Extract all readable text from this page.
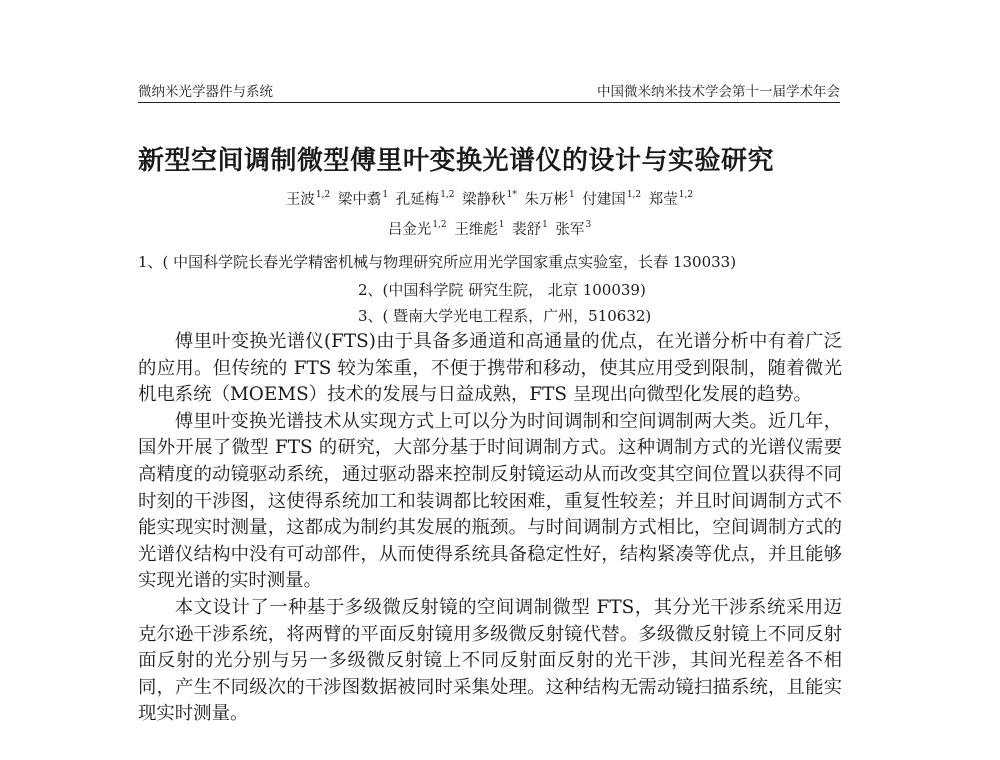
微纳米光学器件与系统	中国微米纳米技术学会第十一届学术年会
新型空间调制微型傅里叶变换光谱仪的设计与实验研究
王波$^{1,2}$ 梁中翥$^1$ 孔延梅$^{1,2}$ 梁静秋$^{1*}$ 朱万彬$^1$ 付建国$^{1,2}$ 郑莹$^{1,2}$
吕金光$^{1,2}$ 王维彪$^1$ 裴舒$^1$ 张军$^3$
1、( 中国科学院长春光学精密机械与物理研究所应用光学国家重点实验室，长春 130033)
2、(中国科学院 研究生院， 北京 100039)
3、( 暨南大学光电工程系，广州，510632)

傅里叶变换光谱仪(FTS)由于具备多通道和高通量的优点，在光谱分析中有着广泛的应用。但传统的 FTS 较为笨重，不便于携带和移动，使其应用受到限制，随着微光机电系统（MOEMS）技术的发展与日益成熟，FTS 呈现出向微型化发展的趋势。

傅里叶变换光谱技术从实现方式上可以分为时间调制和空间调制两大类。近几年，国外开展了微型 FTS 的研究，大部分基于时间调制方式。这种调制方式的光谱仪需要高精度的动镜驱动系统，通过驱动器来控制反射镜运动从而改变其空间位置以获得不同时刻的干涉图，这使得系统加工和装调都比较困难，重复性较差；并且时间调制方式不能实现实时测量，这都成为制约其发展的瓶颈。与时间调制方式相比，空间调制方式的光谱仪结构中没有可动部件，从而使得系统具备稳定性好，结构紧凑等优点，并且能够实现光谱的实时测量。

本文设计了一种基于多级微反射镜的空间调制微型 FTS，其分光干涉系统采用迈克尔逊干涉系统，将两臂的平面反射镜用多级微反射镜代替。多级微反射镜上不同反射面反射的光分别与另一多级微反射镜上不同反射面反射的光干涉，其间光程差各不相同，产生不同级次的干涉图数据被同时采集处理。这种结构无需动镜扫描系统，且能实现实时测量。
